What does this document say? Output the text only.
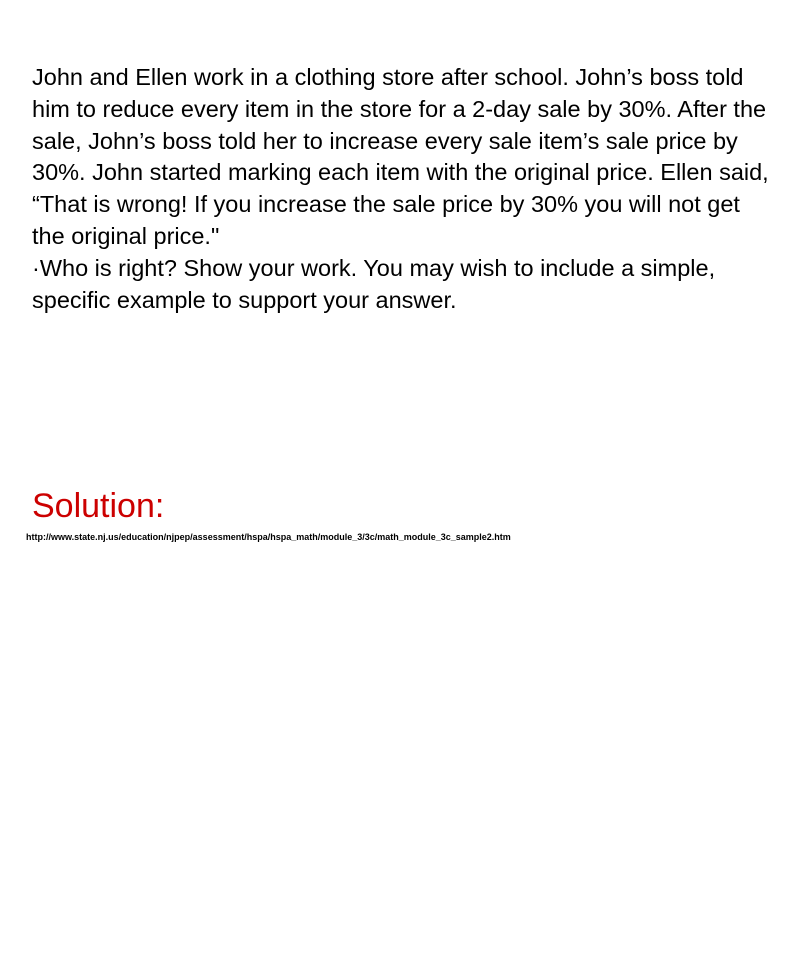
John and Ellen work in a clothing store after school. John’s boss told him to reduce every item in the store for a 2-day sale by 30%. After the sale, John’s boss told her to increase every sale item’s sale price by 30%. John started marking each item with the original price. Ellen said, “That is wrong! If you increase the sale price by 30% you will not get the original price."

·Who is right? Show your work. You may wish to include a simple, specific example to support your answer.

Solution:

http://www.state.nj.us/education/njpep/assessment/hspa/hspa_math/module_3/3c/math_module_3c_sample2.htm
